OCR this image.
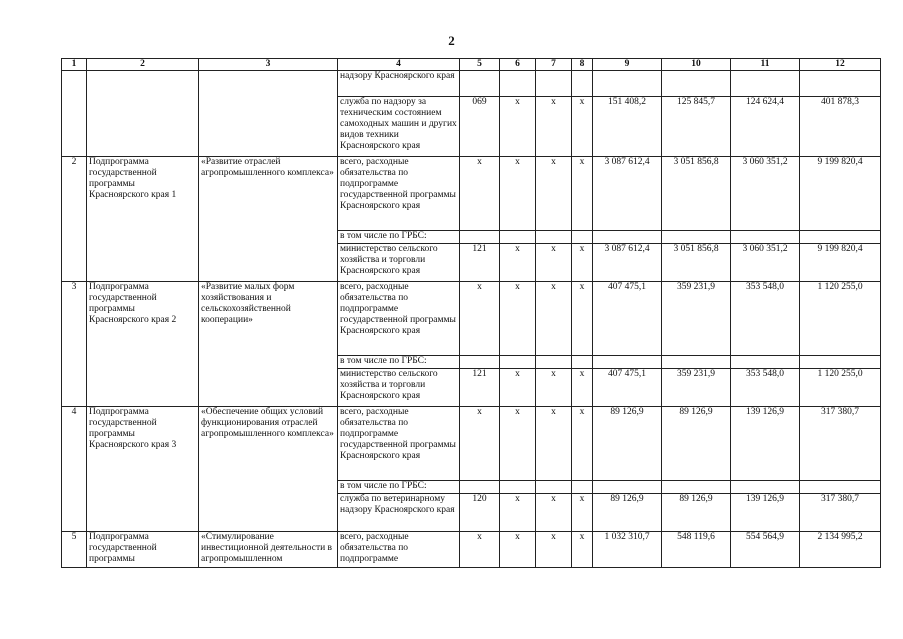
2
1	2	3	4	5	6	7	8	9	10	11	12
			надзору Красноярского края								
			служба по надзору за техническим состоянием самоходных машин и других видов техники Красноярского края	069	х	х	х	151 408,2	125 845,7	124 624,4	401 878,3
2	Подпрограмма государственной программы Красноярского края 1	«Развитие отраслей агропромышленного комплекса»	всего, расходные обязательства по подпрограмме государственной программы Красноярского края	х	х	х	х	3 087 612,4	3 051 856,8	3 060 351,2	9 199 820,4
			в том числе по ГРБС:								
			министерство сельского хозяйства и торговли Красноярского края	121	х	х	х	3 087 612,4	3 051 856,8	3 060 351,2	9 199 820,4
3	Подпрограмма государственной программы Красноярского края 2	«Развитие малых форм хозяйствования и сельскохозяйственной кооперации»	всего, расходные обязательства по подпрограмме государственной программы Красноярского края	х	х	х	х	407 475,1	359 231,9	353 548,0	1 120 255,0
			в том числе по ГРБС:								
			министерство сельского хозяйства и торговли Красноярского края	121	х	х	х	407 475,1	359 231,9	353 548,0	1 120 255,0
4	Подпрограмма государственной программы Красноярского края 3	«Обеспечение общих условий функционирования отраслей агропромышленного комплекса»	всего, расходные обязательства по подпрограмме государственной программы Красноярского края	х	х	х	х	89 126,9	89 126,9	139 126,9	317 380,7
			в том числе по ГРБС:								
			служба по ветеринарному надзору Красноярского края	120	х	х	х	89 126,9	89 126,9	139 126,9	317 380,7
5	Подпрограмма государственной программы	«Стимулирование инвестиционной деятельности в агропромышленном	всего, расходные обязательства по подпрограмме	х	х	х	х	1 032 310,7	548 119,6	554 564,9	2 134 995,2
